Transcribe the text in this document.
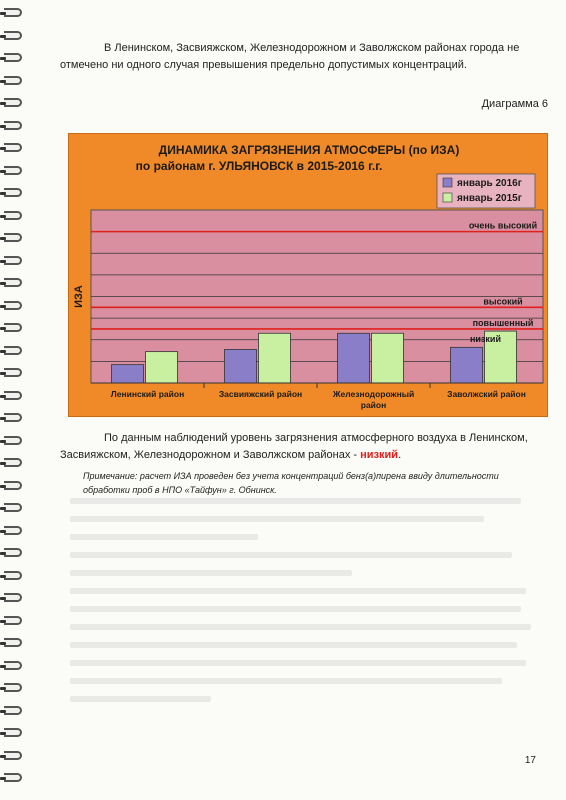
В Ленинском, Засвияжском, Железнодорожном и Заволжском районах города не отмечено ни одного случая превышения предельно допустимых концентраций.

Диаграмма 6
ДИНАМИКА ЗАГРЯЗНЕНИЯ АТМОСФЕРЫ (по ИЗА)
по районам г. УЛЬЯНОВСК в 2015-2016 г.г.
очень высокий
высокий
повышенный
низкий
Ленинский район	Засвияжский район	Железнодорожный
район
Заволжский район
ИЗА
январь 2016г
январь 2015г

По данным наблюдений уровень загрязнения атмосферного воздуха в Ленинском, Засвияжском, Железнодорожном и Заволжском районах - низкий.

Примечание: расчет ИЗА проведен без учета концентраций бенз(а)пирена ввиду длительности обработки проб в НПО «Тайфун» г. Обнинск.

17
